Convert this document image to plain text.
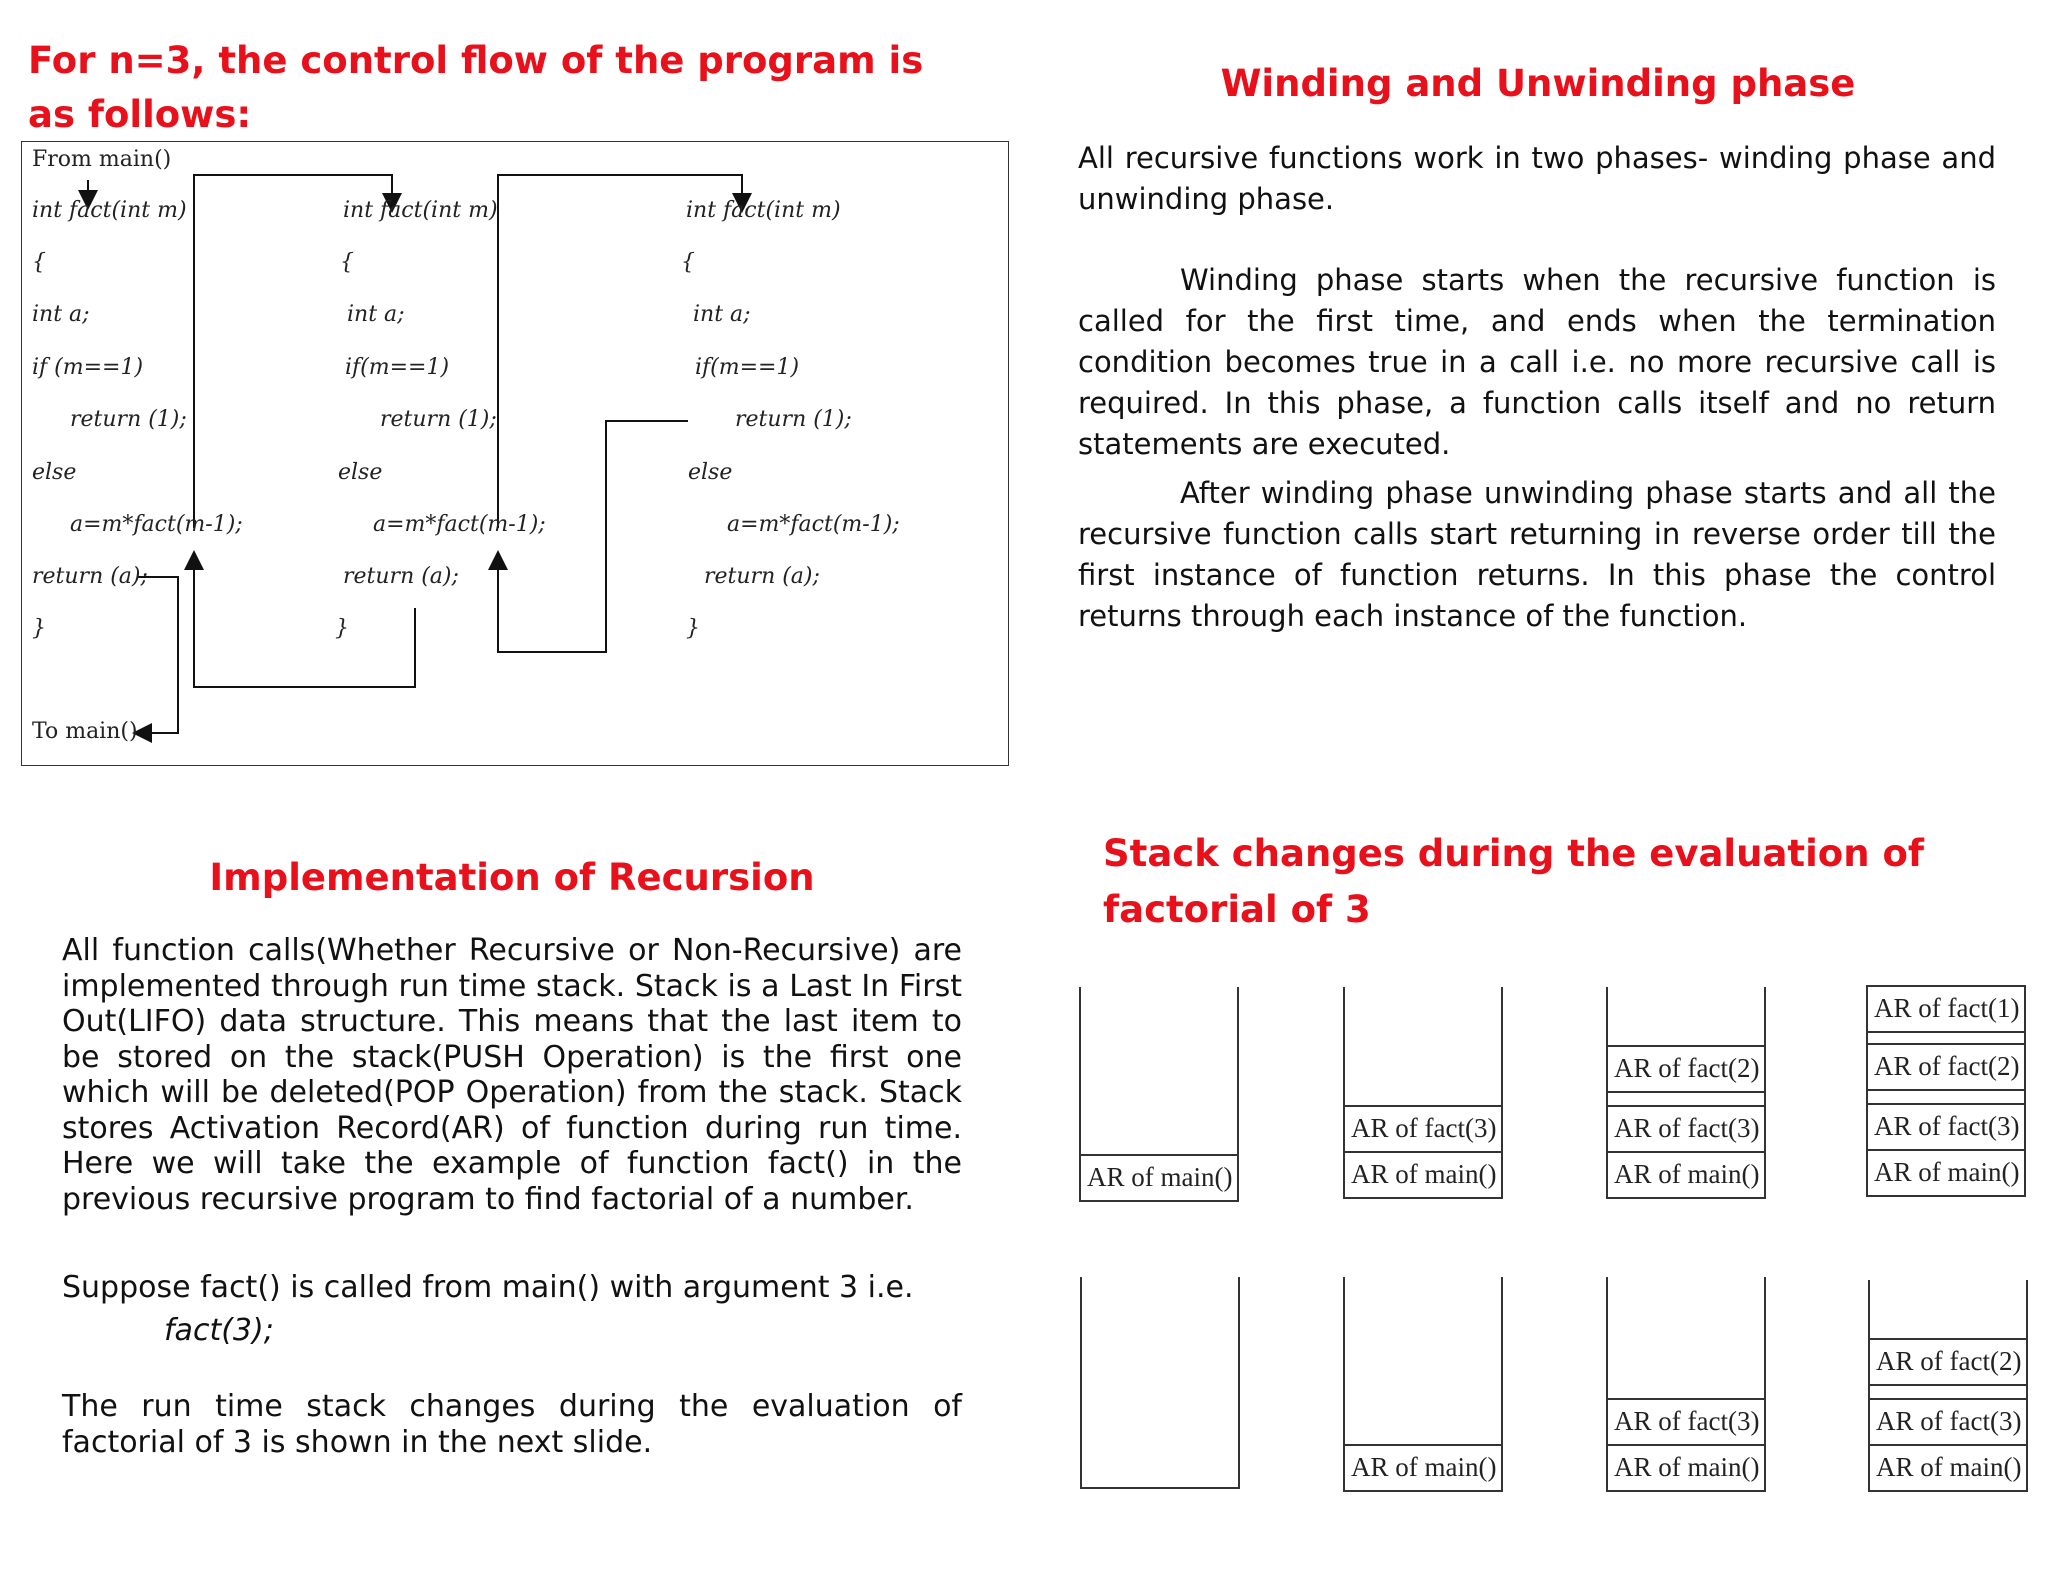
For n=3, the control flow of the program is as follows:
From main()
int fact(int m)
{
int a;
if (m==1)
return (1);
else
a=m*fact(m-1);
return (a);
}
To main()
int fact(int m)
{
int a;
if(m==1)
return (1);
else
a=m*fact(m-1);
return (a);
}
int fact(int m)
{
int a;
if(m==1)
return (1);
else
a=m*fact(m-1);
return (a);
}
Winding and Unwinding phase

All recursive functions work in two phases- winding phase and unwinding phase.

Winding phase starts when the recursive function is called for the first time, and ends when the termination condition becomes true in a call i.e. no more recursive call is required. In this phase, a function calls itself and no return statements are executed.

After winding phase unwinding phase starts and all the recursive function calls start returning in reverse order till the first instance of function returns. In this phase the control returns through each instance of the function.

Implementation of Recursion

All function calls(Whether Recursive or Non-Recursive) are implemented through run time stack. Stack is a Last In First Out(LIFO) data structure. This means that the last item to be stored on the stack(PUSH Operation) is the first one which will be deleted(POP Operation) from the stack. Stack stores Activation Record(AR) of function during run time. Here we will take the example of function fact() in the previous recursive program to find factorial of a number.

Suppose fact() is called from main() with argument 3 i.e.

fact(3);

The run time stack changes during the evaluation of factorial of 3 is shown in the next slide.

Stack changes during the evaluation of factorial of 3
AR of main()	AR of main()
AR of fact(3)
AR of main()
AR of fact(3)
AR of fact(2)
AR of main()
AR of fact(3)
AR of fact(2)
AR of fact(1)
AR of main()	AR of main()
AR of fact(3)
AR of main()
AR of fact(3)
AR of fact(2)
